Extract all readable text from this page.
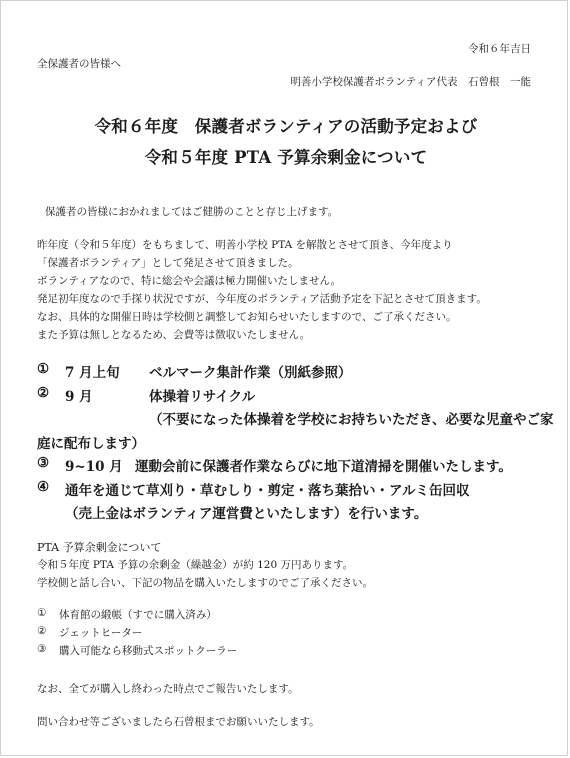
令和６年吉日
全保護者の皆様へ
明善小学校保護者ボランティア代表　石曾根　一能
令和６年度　保護者ボランティアの活動予定および
令和５年度 PTA 予算余剰金について
保護者の皆様におかれましてはご健勝のことと存じ上げます。
昨年度（令和５年度）をもちまして、明善小学校 PTA を解散とさせて頂き、今年度より
「保護者ボランティア」として発足させて頂きました。
ボランティアなので、特に総会や会議は極力開催いたしません。
発足初年度なので手探り状況ですが、今年度のボランティア活動予定を下記とさせて頂きます。
なお、具体的な開催日時は学校側と調整してお知らせいたしますので、ご了承ください。
また予算は無しとなるため、会費等は徴収いたしません。
① 7 月上旬 ベルマーク集計作業（別紙参照）
② 9 月	体操着リサイクル
（不要になった体操着を学校にお持ちいただき、必要な児童やご家
庭に配布します）
③ 9~10 月 運動会前に保護者作業ならびに地下道清掃を開催いたします。
④ 通年を通じて草刈り・草むしり・剪定・落ち葉拾い・アルミ缶回収
（売上金はボランティア運営費といたします）を行います。
PTA 予算余剰金について
令和５年度 PTA 予算の余剰金（繰越金）が約 120 万円あります。
学校側と話し合い、下記の物品を購入いたしますのでご了承ください。
① 体育館の緞帳（すでに購入済み）
② ジェットヒーター
③ 購入可能なら移動式スポットクーラー
なお、全てが購入し終わった時点でご報告いたします。
問い合わせ等ございましたら石曾根までお願いいたします。
